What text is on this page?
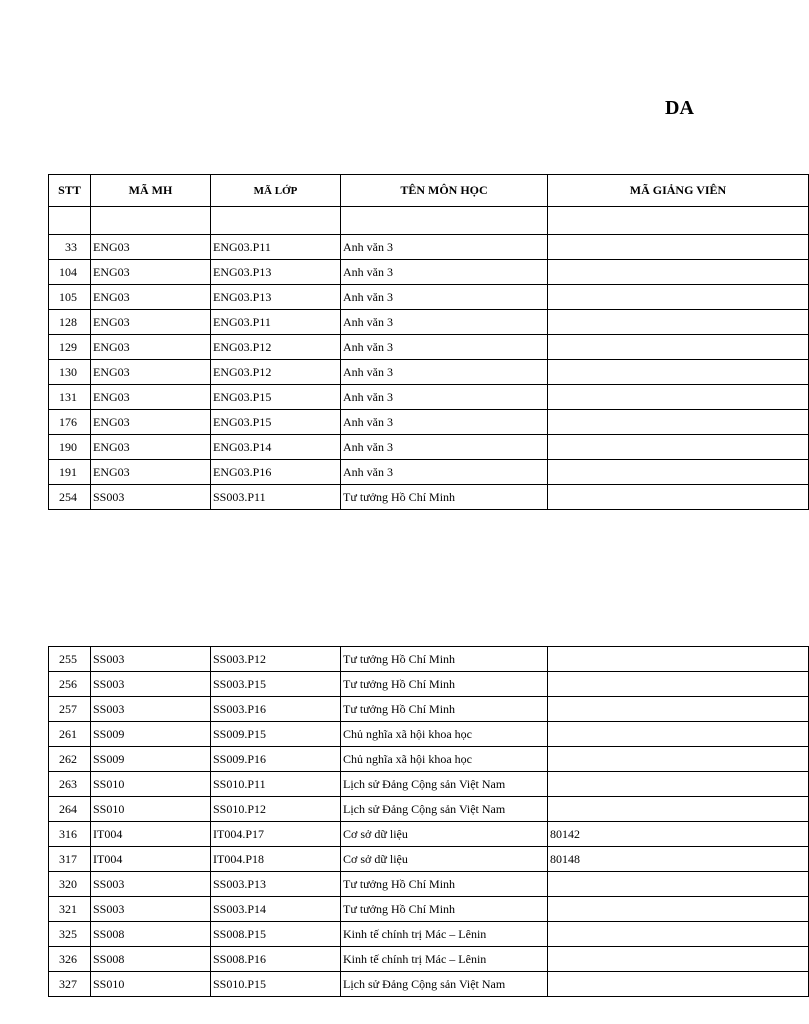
DA
STT	MÃ MH	MÃ LỚP	TÊN MÔN HỌC	MÃ GIẢNG VIÊN

33	ENG03	ENG03.P11	Anh văn 3	
104	ENG03	ENG03.P13	Anh văn 3	
105	ENG03	ENG03.P13	Anh văn 3	
128	ENG03	ENG03.P11	Anh văn 3	
129	ENG03	ENG03.P12	Anh văn 3	
130	ENG03	ENG03.P12	Anh văn 3	
131	ENG03	ENG03.P15	Anh văn 3	
176	ENG03	ENG03.P15	Anh văn 3	
190	ENG03	ENG03.P14	Anh văn 3	
191	ENG03	ENG03.P16	Anh văn 3	
254	SS003	SS003.P11	Tư tưởng Hồ Chí Minh	
255	SS003	SS003.P12	Tư tưởng Hồ Chí Minh	
256	SS003	SS003.P15	Tư tưởng Hồ Chí Minh	
257	SS003	SS003.P16	Tư tưởng Hồ Chí Minh	
261	SS009	SS009.P15	Chủ nghĩa xã hội khoa học	
262	SS009	SS009.P16	Chủ nghĩa xã hội khoa học	
263	SS010	SS010.P11	Lịch sử Đảng Cộng sản Việt Nam	
264	SS010	SS010.P12	Lịch sử Đảng Cộng sản Việt Nam	
316	IT004	IT004.P17	Cơ sở dữ liệu	80142
317	IT004	IT004.P18	Cơ sở dữ liệu	80148
320	SS003	SS003.P13	Tư tưởng Hồ Chí Minh	
321	SS003	SS003.P14	Tư tưởng Hồ Chí Minh	
325	SS008	SS008.P15	Kinh tế chính trị Mác – Lênin	
326	SS008	SS008.P16	Kinh tế chính trị Mác – Lênin	
327	SS010	SS010.P15	Lịch sử Đảng Cộng sản Việt Nam	
